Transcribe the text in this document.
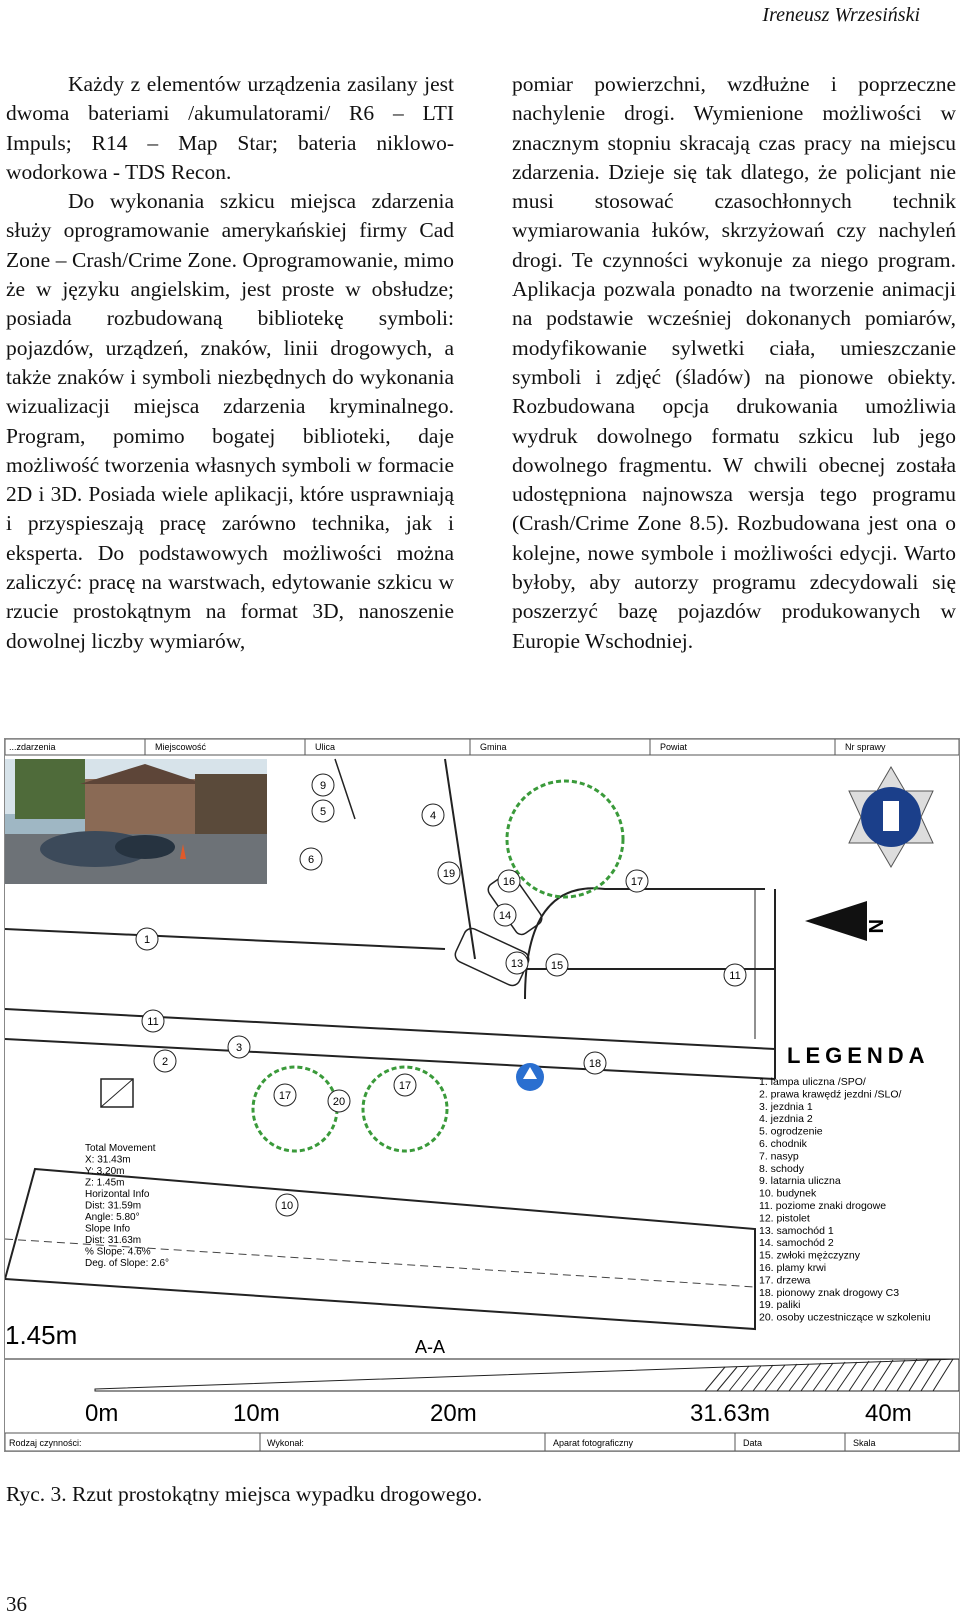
Ireneusz Wrzesiński

Każdy z elementów urządzenia zasilany jest dwoma bateriami /akumulatorami/ R6 – LTI Impuls; R14 – Map Star; bateria niklowo-wodorkowa - TDS Recon.

Do wykonania szkicu miejsca zdarzenia służy oprogramowanie amerykańskiej firmy Cad Zone – Crash/Crime Zone. Oprogramowanie, mimo że w języku angielskim, jest proste w obsłudze; posiada rozbudowaną bibliotekę symboli: pojazdów, urządzeń, znaków, linii drogowych, a także znaków i symboli niezbędnych do wykonania wizualizacji miejsca zdarzenia kryminalnego. Program, pomimo bogatej biblioteki, daje możliwość tworzenia własnych symboli w formacie 2D i 3D. Posiada wiele aplikacji, które usprawniają i przyspieszają pracę zarówno technika, jak i eksperta. Do podstawowych możliwości można zaliczyć: pracę na warstwach, edytowanie szkicu w rzucie prostokątnym na format 3D, nanoszenie dowolnej liczby wymiarów,

pomiar powierzchni, wzdłużne i poprzeczne nachylenie drogi. Wymienione możliwości w znacznym stopniu skracają czas pracy na miejscu zdarzenia. Dzieje się tak dlatego, że policjant nie musi stosować czasochłonnych technik wymiarowania łuków, skrzyżowań czy nachyleń drogi. Te czynności wykonuje za niego program. Aplikacja pozwala ponadto na tworzenie animacji na podstawie wcześniej dokonanych pomiarów, modyfikowanie sylwetki ciała, umieszczanie symboli i zdjęć (śladów) na pionowe obiekty. Rozbudowana opcja drukowania umożliwia wydruk dowolnego formatu szkicu lub jego dowolnego fragmentu. W chwili obecnej została udostępniona najnowsza wersja tego programu (Crash/Crime Zone 8.5). Rozbudowana jest ona o kolejne, nowe symbole i możliwości edycji. Warto byłoby, aby autorzy programu zdecydowali się poszerzyć bazę pojazdów produkowanych w Europie Wschodniej.

...zdarzenia	Miejscowość	Ulica	Gmina	Powiat	Nr sprawy
A-A
1.45m
0m	10m	20m	31.63m	40m
Rodzaj czynności:	Wykonał:	Aparat fotograficzny	Data	Skala
N
1
2
3
4
5
6
9
10
11
11
13
14
15
16	17
17
17
18
19
20
LEGENDA
1. lampa uliczna /SPO/
2. prawa krawędź jezdni /SLO/
3. jezdnia 1
4. jezdnia 2
5. ogrodzenie
6. chodnik
7. nasyp
8. schody
9. latarnia uliczna
10. budynek
11. poziome znaki drogowe
12. pistolet
13. samochód 1
14. samochód 2
15. zwłoki mężczyzny
16. plamy krwi
17. drzewa
18. pionowy znak drogowy C3
19. paliki
20. osoby uczestniczące w szkoleniu
Total Movement
X: 31.43m
Y: 3.20m
Z: 1.45m
Horizontal Info
Dist: 31.59m
Angle: 5.80°
Slope Info
Dist: 31.63m
% Slope: 4.6%
Deg. of Slope: 2.6°
Ryc. 3. Rzut prostokątny miejsca wypadku drogowego.
36
